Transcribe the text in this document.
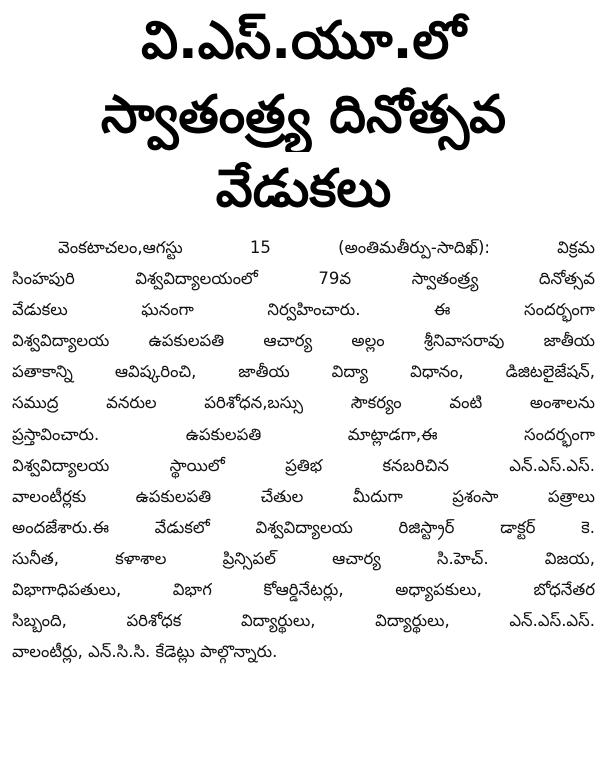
వి.ఎస్.యూ.లో
స్వాతంత్ర్య దినోత్సవ
వేడుకలు
వెంకటాచలం,ఆగస్టు 15 (అంతిమతీర్పు-సాదిఖ్): విక్రమ
సింహపురి విశ్వవిద్యాలయంలో 79వ స్వాతంత్ర్య దినోత్సవ
వేడుకలు ఘనంగా నిర్వహించారు. ఈ సందర్భంగా
విశ్వవిద్యాలయ ఉపకులపతి ఆచార్య అల్లం శ్రీనివాసరావు జాతీయ
పతాకాన్ని ఆవిష్కరించి, జాతీయ విద్యా విధానం, డిజిటలైజేషన్,
సముద్ర వనరుల పరిశోధన,బస్సు సౌకర్యం వంటి అంశాలను
ప్రస్తావించారు. ఉపకులపతి మాట్లాడగా,ఈ సందర్భంగా
విశ్వవిద్యాలయ స్థాయిలో ప్రతిభ కనబరిచిన ఎన్.ఎస్.ఎస్.
వాలంటీర్లకు ఉపకులపతి చేతుల మీదుగా ప్రశంసా పత్రాలు
అందజేశారు.ఈ వేడుకలో విశ్వవిద్యాలయ రిజిస్ట్రార్ డాక్టర్ కె.
సునీత, కళాశాల ప్రిన్సిపల్ ఆచార్య సి.హెచ్. విజయ,
విభాగాధిపతులు, విభాగ కోఆర్డినేటర్లు, అధ్యాపకులు, బోధనేతర
సిబ్బంది, పరిశోధక విద్యార్థులు, విద్యార్థులు, ఎన్.ఎస్.ఎస్.
వాలంటీర్లు, ఎన్.సి.సి. కేడెట్లు పాల్గొన్నారు.
